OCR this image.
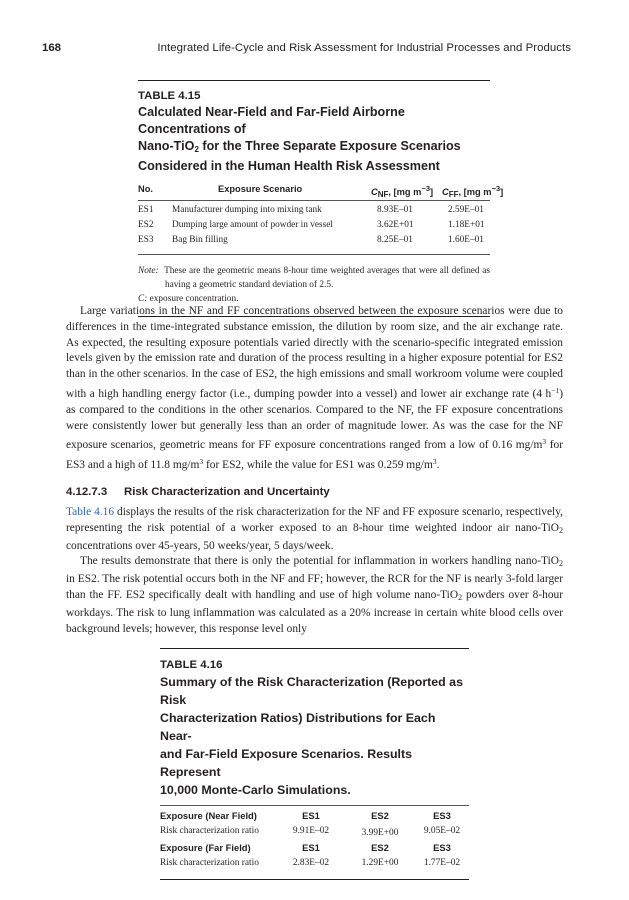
168	Integrated Life-Cycle and Risk Assessment for Industrial Processes and Products
TABLE 4.15
Calculated Near-Field and Far-Field Airborne Concentrations of
Nano-TiO$_2$ for the Three Separate Exposure Scenarios
Considered in the Human Health Risk Assessment
No.	Exposure Scenario	$C_{NF}$, [mg $m^{-3}$] $C_{FF}$, [mg $m^{-3}$]
ES1 Manufacturer dumping into mixing tank	8.93E–01	2.59E–01
ES2 Dumping large amount of powder in vessel	3.62E+01	1.18E+01
ES3 Bag Bin filling	8.25E–01	1.60E–01
Note: These are the geometric means 8-hour time weighted averages that were all defined as having a geometric standard deviation of 2.5.
C: exposure concentration.

Large variations in the NF and FF concentrations observed between the exposure scenarios were due to differences in the time-integrated substance emission, the dilution by room size, and the air exchange rate. As expected, the resulting exposure potentials varied directly with the scenario-specific integrated emission levels given by the emission rate and duration of the process resulting in a higher exposure potential for ES2 than in the other scenarios. In the case of ES2, the high emissions and small workroom volume were coupled with a high handling energy factor (i.e., dumping powder into a vessel) and lower air exchange rate (4 $h^{-1}$) as compared to the conditions in the other scenarios. Compared to the NF, the FF exposure concentrations were consistently lower but generally less than an order of magnitude lower. As was the case for the NF exposure scenarios, geometric means for FF exposure concentrations ranged from a low of 0.16 $mg/m^3$ for ES3 and a high of 11.8 $mg/m^3$ for ES2, while the value for ES1 was 0.259 $mg/m^3$.

4.12.7.3 Risk Characterization and Uncertainty

Table 4.16 displays the results of the risk characterization for the NF and FF exposure scenario, respectively, representing the risk potential of a worker exposed to an 8-hour time weighted indoor air nano-TiO$_2$ concentrations over 45-years, 50 weeks/year, 5 days/week.

The results demonstrate that there is only the potential for inflammation in workers handling nano-TiO$_2$ in ES2. The risk potential occurs both in the NF and FF; however, the RCR for the NF is nearly 3-fold larger than the FF. ES2 specifically dealt with handling and use of high volume nano-TiO$_2$ powders over 8-hour workdays. The risk to lung inflammation was calculated as a 20% increase in certain white blood cells over background levels; however, this response level only

TABLE 4.16
Summary of the Risk Characterization (Reported as Risk
Characterization Ratios) Distributions for Each Near-
and Far-Field Exposure Scenarios. Results Represent
10,000 Monte-Carlo Simulations.
Exposure (Near Field)	ES1	ES2	ES3
Risk characterization ratio	9.91E–02	3.99E+00	9.05E–02
Exposure (Far Field)	ES1	ES2	ES3
Risk characterization ratio	2.83E–02	1.29E+00	1.77E–02
